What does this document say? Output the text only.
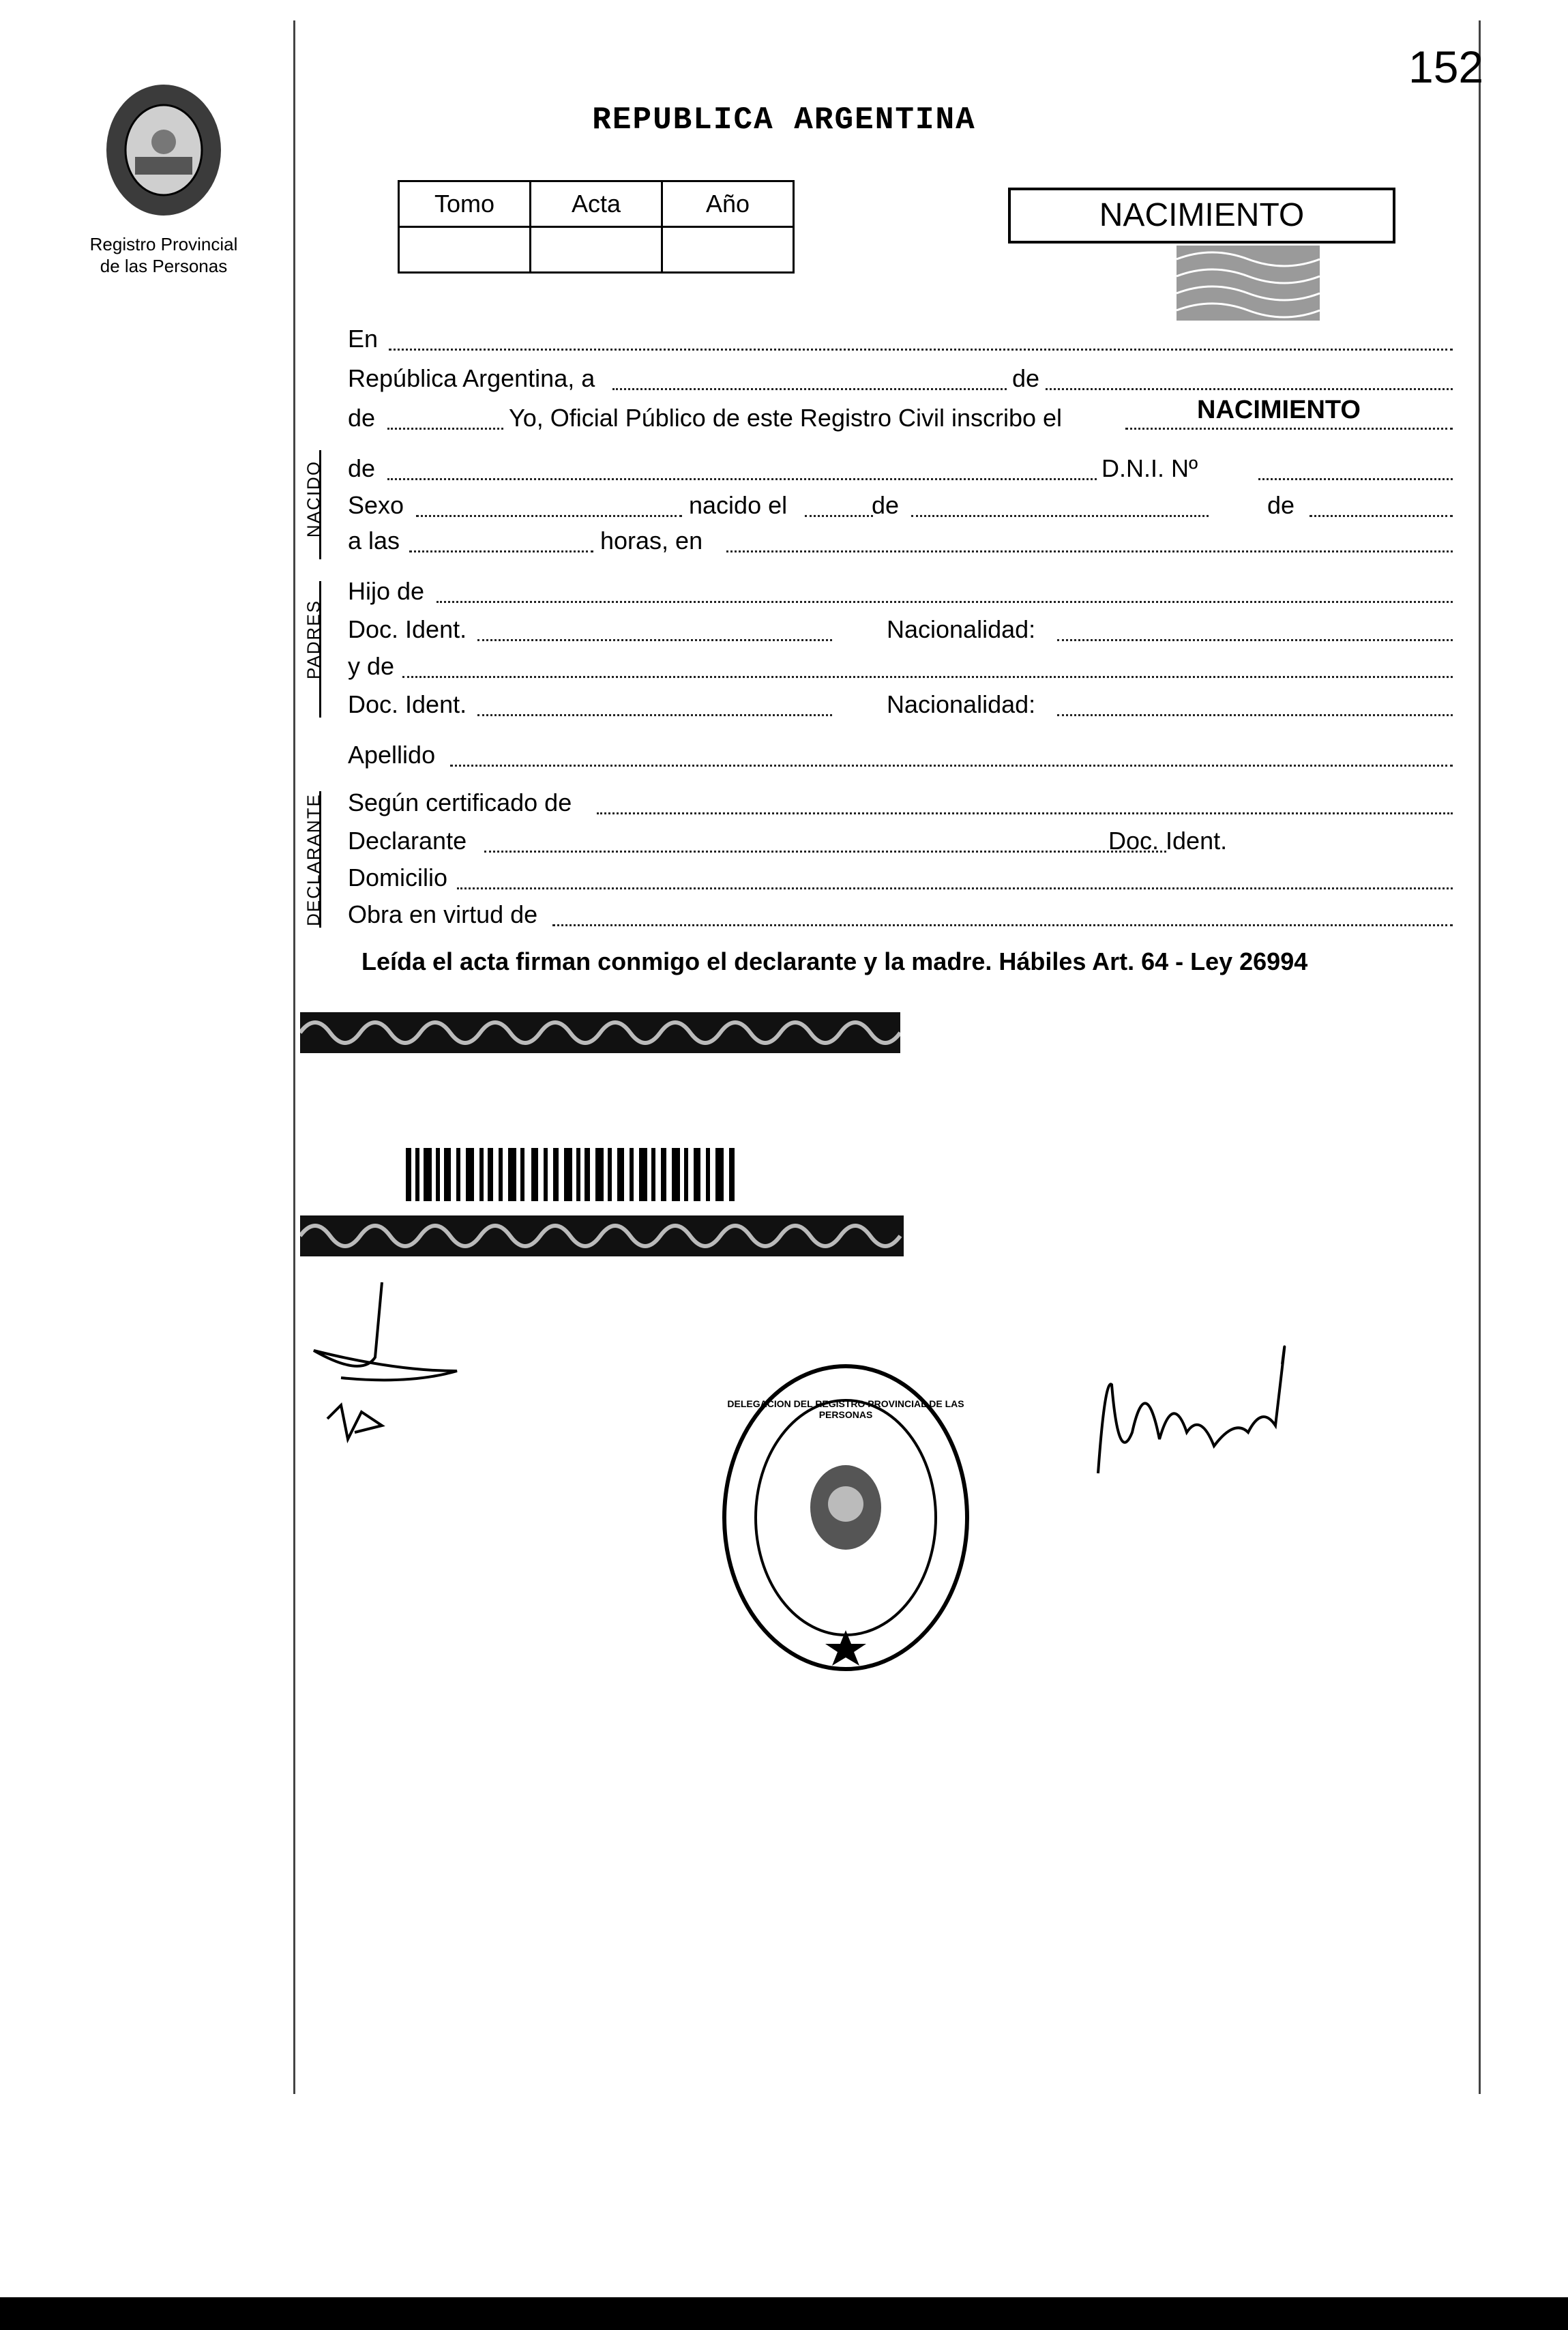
152
Registro Provincial
de las Personas
REPUBLICA ARGENTINA
Tomo	Acta	Año
			NACIMIENTO
NACIDO
PADRES
DECLARANTE
En
República Argentina, a	de
de	Yo, Oficial Público de este Registro Civil inscribo el	NACIMIENTO
de	D.N.I. Nº
Sexo	nacido el	de	de
a las	horas, en
Hijo de
Doc. Ident.	Nacionalidad:
y de
Doc. Ident.	Nacionalidad:
Apellido
Según certificado de
Declarante	Doc. Ident.
Domicilio
Obra en virtud de
Leída el acta firman conmigo el declarante y la madre. Hábiles Art. 64 - Ley 26994
DELEGACION DEL REGISTRO PROVINCIAL DE LAS PERSONAS
